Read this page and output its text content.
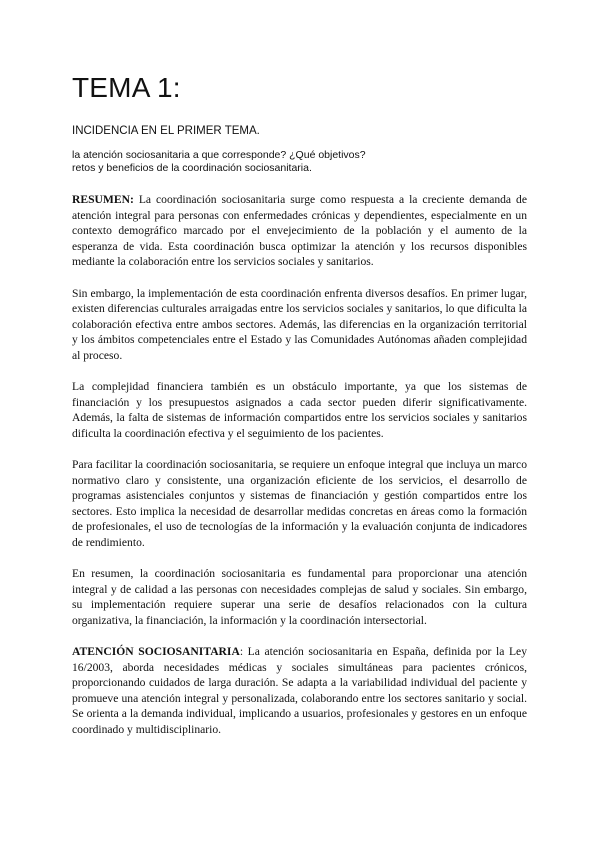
TEMA 1:
INCIDENCIA EN EL PRIMER TEMA.
la atención sociosanitaria a que corresponde? ¿Qué objetivos?
retos y beneficios de la coordinación sociosanitaria.

RESUMEN: La coordinación sociosanitaria surge como respuesta a la creciente demanda de atención integral para personas con enfermedades crónicas y dependientes, especialmente en un contexto demográfico marcado por el envejecimiento de la población y el aumento de la esperanza de vida. Esta coordinación busca optimizar la atención y los recursos disponibles mediante la colaboración entre los servicios sociales y sanitarios.

Sin embargo, la implementación de esta coordinación enfrenta diversos desafíos. En primer lugar, existen diferencias culturales arraigadas entre los servicios sociales y sanitarios, lo que dificulta la colaboración efectiva entre ambos sectores. Además, las diferencias en la organización territorial y los ámbitos competenciales entre el Estado y las Comunidades Autónomas añaden complejidad al proceso.

La complejidad financiera también es un obstáculo importante, ya que los sistemas de financiación y los presupuestos asignados a cada sector pueden diferir significativamente. Además, la falta de sistemas de información compartidos entre los servicios sociales y sanitarios dificulta la coordinación efectiva y el seguimiento de los pacientes.

Para facilitar la coordinación sociosanitaria, se requiere un enfoque integral que incluya un marco normativo claro y consistente, una organización eficiente de los servicios, el desarrollo de programas asistenciales conjuntos y sistemas de financiación y gestión compartidos entre los sectores. Esto implica la necesidad de desarrollar medidas concretas en áreas como la formación de profesionales, el uso de tecnologías de la información y la evaluación conjunta de indicadores de rendimiento.

En resumen, la coordinación sociosanitaria es fundamental para proporcionar una atención integral y de calidad a las personas con necesidades complejas de salud y sociales. Sin embargo, su implementación requiere superar una serie de desafíos relacionados con la cultura organizativa, la financiación, la información y la coordinación intersectorial.

ATENCIÓN SOCIOSANITARIA: La atención sociosanitaria en España, definida por la Ley 16/2003, aborda necesidades médicas y sociales simultáneas para pacientes crónicos, proporcionando cuidados de larga duración. Se adapta a la variabilidad individual del paciente y promueve una atención integral y personalizada, colaborando entre los sectores sanitario y social. Se orienta a la demanda individual, implicando a usuarios, profesionales y gestores en un enfoque coordinado y multidisciplinario.
